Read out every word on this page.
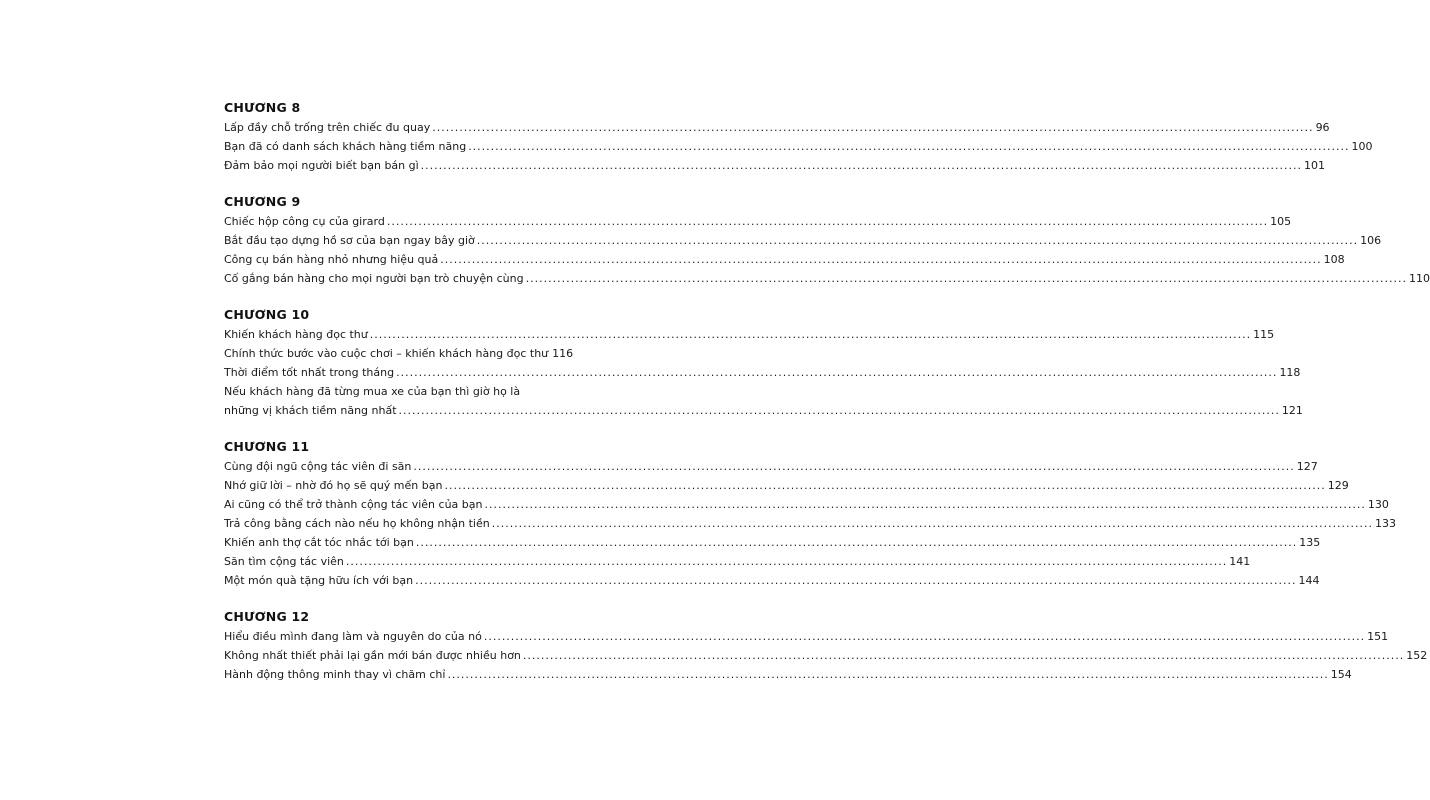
CHƯƠNG 8
Lấp đầy chỗ trống trên chiếc đu quay .....	96
Bạn đã có danh sách khách hàng tiềm năng .....	100
Đảm bảo mọi người biết bạn bán gì .....	101
CHƯƠNG 9
Chiếc hộp công cụ của girard .....	105
Bắt đầu tạo dựng hồ sơ của bạn ngay bây giờ .....	106
Công cụ bán hàng nhỏ nhưng hiệu quả .....	108
Cố gắng bán hàng cho mọi người bạn trò chuyện cùng .....	110
CHƯƠNG 10
Khiến khách hàng đọc thư .....	115
Chính thức bước vào cuộc chơi – khiến khách hàng đọc thư 116
Thời điểm tốt nhất trong tháng .....	118
Nếu khách hàng đã từng mua xe của bạn thì giờ họ là
những vị khách tiềm năng nhất .....	121
CHƯƠNG 11
Cùng đội ngũ cộng tác viên đi săn .....	127
Nhớ giữ lời – nhờ đó họ sẽ quý mến bạn .....	129
Ai cũng có thể trở thành cộng tác viên của bạn .....	130
Trả công bằng cách nào nếu họ không nhận tiền .....	133
Khiến anh thợ cắt tóc nhắc tới bạn .....	135
Săn tìm cộng tác viên .....	141
Một món quà tặng hữu ích với bạn .....	144
CHƯƠNG 12
Hiểu điều mình đang làm và nguyên do của nó .....	151
Không nhất thiết phải lại gần mới bán được nhiều hơn .....	152
Hành động thông minh thay vì chăm chỉ .....	154
